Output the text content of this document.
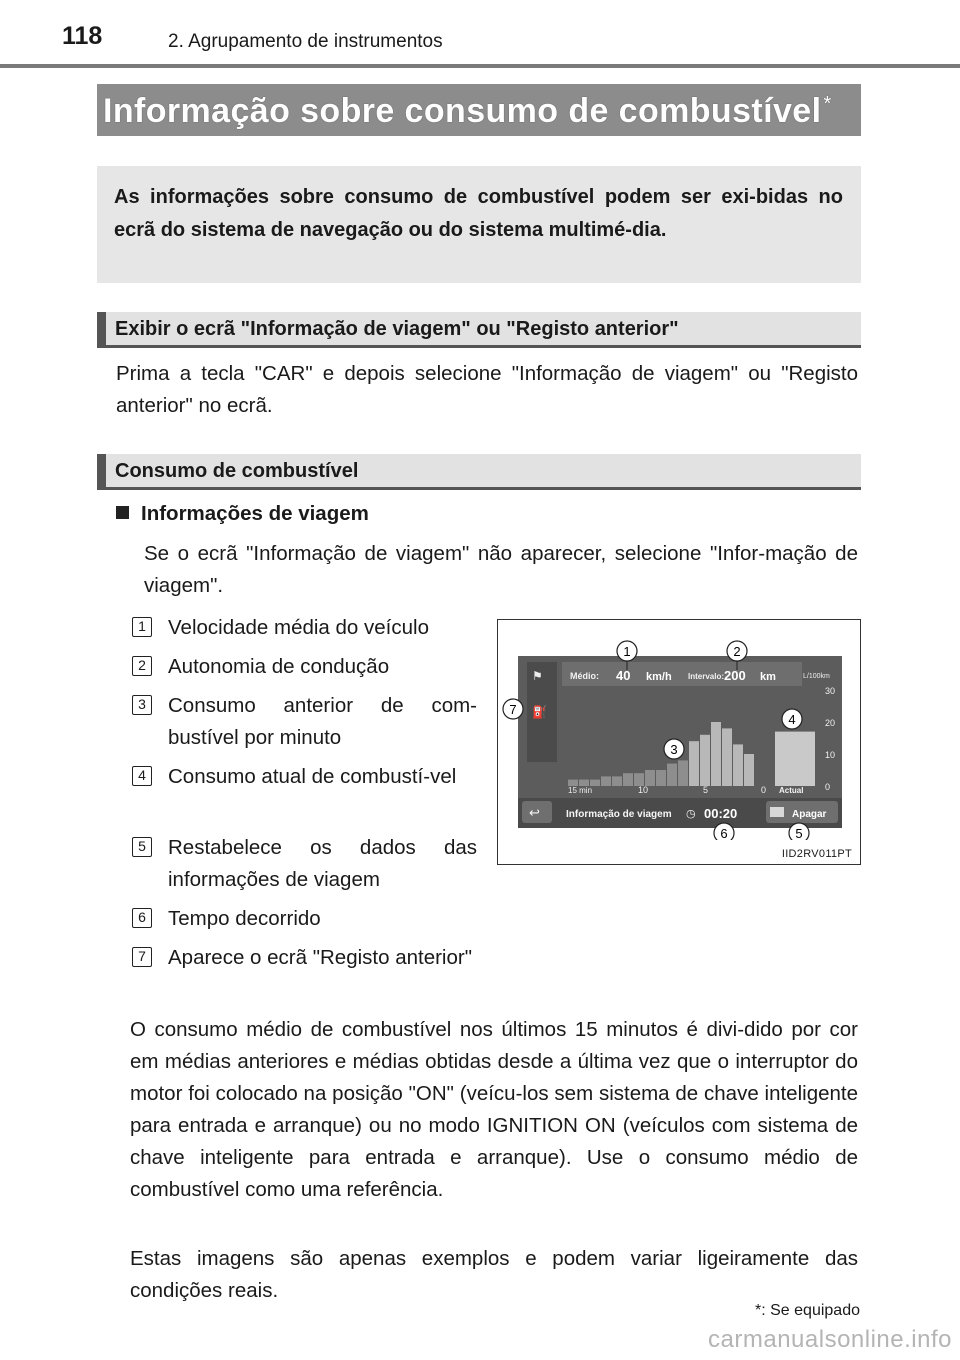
118	2. Agrupamento de instrumentos
Informação sobre consumo de combustível *
As informações sobre consumo de combustível podem ser exi-bidas no ecrã do sistema de navegação ou do sistema multimé-dia.
Exibir o ecrã "Informação de viagem" ou "Registo anterior"
Prima a tecla "CAR" e depois selecione "Informação de viagem" ou "Registo anterior" no ecrã.
Consumo de combustível
Informações de viagem
Se o ecrã "Informação de viagem" não aparecer, selecione "Infor-mação de viagem".
1 Velocidade média do veículo
2 Autonomia de condução
3 Consumo anterior de com-bustível por minuto
4 Consumo atual de combustí-vel
5 Restabelece os dados das informações de viagem
6 Tempo decorrido
7 Aparece o ecrã "Registo anterior"
⚑
⛽
Médio: 40 km/h Intervalo: 200 km	L/100km
30
20
10
0
Actual
15 min	10	5	0
↩	Informação de viagem ◷ 00:20	Apagar
1	2
3
4
5
6
7
IID2RV011PT
O consumo médio de combustível nos últimos 15 minutos é divi-dido por cor em médias anteriores e médias obtidas desde a última vez que o interruptor do motor foi colocado na posição "ON" (veícu-los sem sistema de chave inteligente para entrada e arranque) ou no modo IGNITION ON (veículos com sistema de chave inteligente para entrada e arranque). Use o consumo médio de combustível como uma referência.
Estas imagens são apenas exemplos e podem variar ligeiramente das condições reais.
*: Se equipado
carmanualsonline.info
